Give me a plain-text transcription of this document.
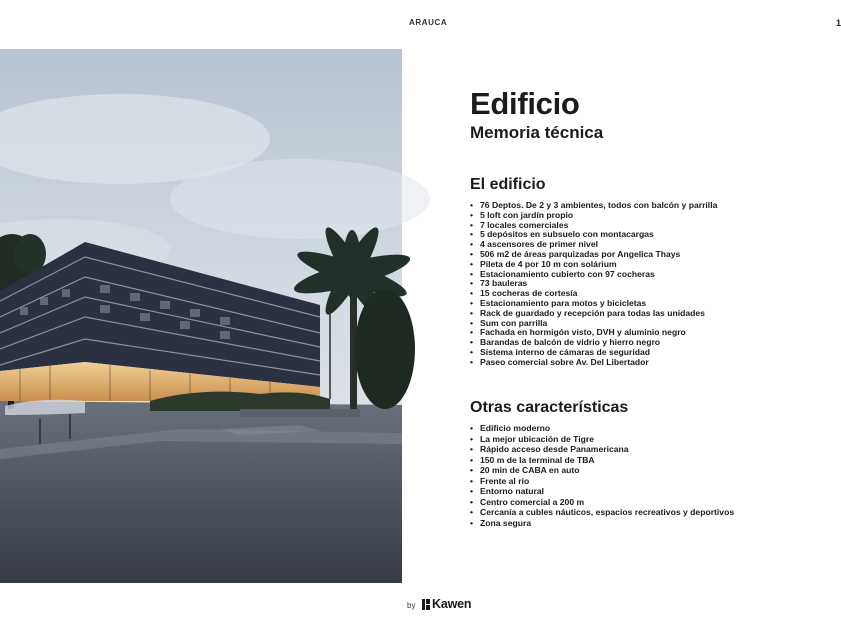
ARAUCA	1
Edificio
Memoria técnica
El edificio
• 76 Deptos. De 2 y 3 ambientes, todos con balcón y parrilla
• 5 loft con jardín propio
• 7 locales comerciales
• 5 depósitos en subsuelo con montacargas
• 4 ascensores de primer nivel
• 506 m2 de áreas parquizadas por Angelica Thays
• Pileta de 4 por 10 m con solárium
• Estacionamiento cubierto con 97 cocheras
• 73 bauleras
• 15 cocheras de cortesía
• Estacionamiento para motos y bicicletas
• Rack de guardado y recepción para todas las unidades
• Sum con parrilla
• Fachada en hormigón visto, DVH y aluminio negro
• Barandas de balcón de vidrio y hierro negro
• Sistema interno de cámaras de seguridad
• Paseo comercial sobre Av. Del Libertador
Otras características
• Edificio moderno
• La mejor ubicación de Tigre
• Rápido acceso desde Panamericana
• 150 m de la terminal de TBA
• 20 min de CABA en auto
• Frente al río
• Entorno natural
• Centro comercial a 200 m
• Cercanía a cubles náuticos, espacios recreativos y deportivos
• Zona segura
by Kawen
